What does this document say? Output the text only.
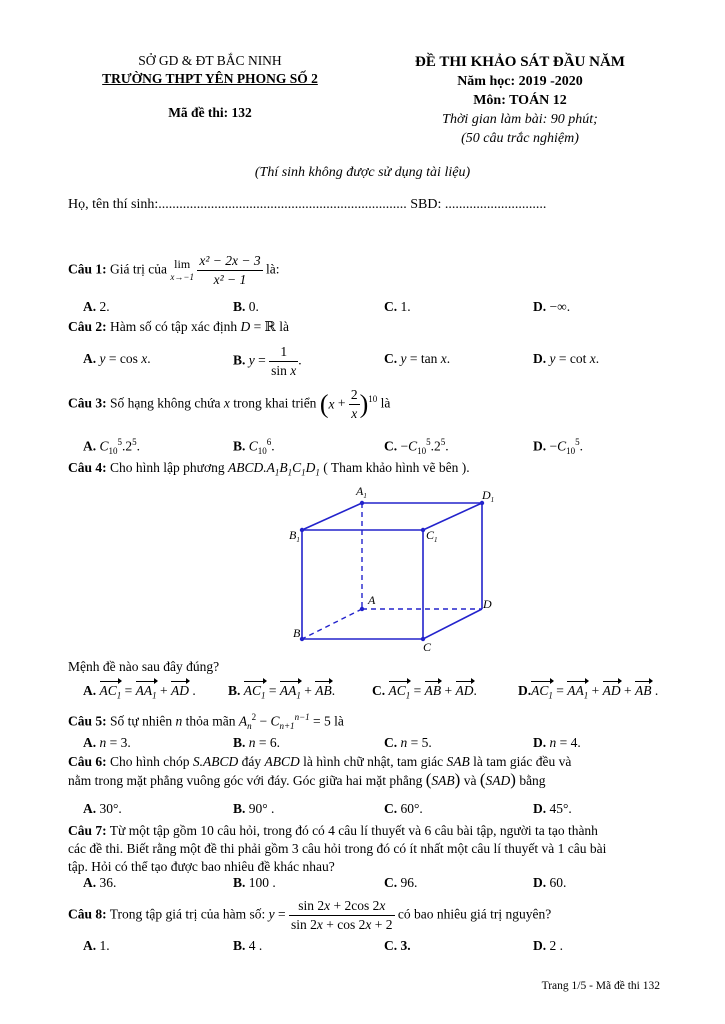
SỞ GD & ĐT BẮC NINH
TRƯỜNG THPT YÊN PHONG SỐ 2
Mã đề thi: 132
ĐỀ THI KHẢO SÁT ĐẦU NĂM
Năm học: 2019 -2020
Môn: TOÁN 12
Thời gian làm bài: 90 phút;
(50 câu trắc nghiệm)
(Thí sinh không được sử dụng tài liệu)
Họ, tên thí sinh:....................................................................... SBD: .............................
Câu 1: Giá trị của lim
$x\to-1 \frac{\text{x² − 2x − 3}}{\text{x² − 1}}$ là:
A. 2.	B. 0.	C. 1.	D. −∞.
Câu 2: Hàm số có tập xác định D = ℝ là
A. y = cos x.	B. $y = \frac{1}{\text{sin x}}$ .	C. y = tan x.	D. y = cot x.
Câu 3: Số hạng không chứa x trong khai triển $(x + \frac{2}{x} )^{10}$ là
A. $C_{10}^5.2^5$.	B. $C_{10}^6$.	C. $-C_{10}^5.2^5$.	D. $-C_{10}^5$.
Câu 4: Cho hình lập phương $ABCD.A_1B_1C_1D_1$ ( Tham khảo hình vẽ bên ).
$A_1$	$D_1$
$B_1$	$C_1$
A	D
B
C
Mệnh đề nào sau đây đúng?
A. $AC_1 = AA_1$ + AD . B. $AC_1 = AA_1$ + AB.	C. $AC_1$ = AB + AD.	$D.AC_1 = AA_1$ + AD + AB .
Câu 5: Số tự nhiên n thỏa mãn $A_n^2 - C_{n+1}^{n-1} = 5$ là
A. n = 3.	B. n = 6.	C. n = 5.	D. n = 4.
Câu 6: Cho hình chóp S.ABCD đáy ABCD là hình chữ nhật, tam giác SAB là tam giác đều và
nằm trong mặt phẳng vuông góc với đáy. Góc giữa hai mặt phẳng (SAB) và (SAD) bằng
A. 30°.	B. 90° .	C. 60°.	D. 45°.
Câu 7: Từ một tập gồm 10 câu hỏi, trong đó có 4 câu lí thuyết và 6 câu bài tập, người ta tạo thành
các đề thi. Biết rằng một đề thi phải gồm 3 câu hỏi trong đó có ít nhất một câu lí thuyết và 1 câu bài
tập. Hỏi có thể tạo được bao nhiêu đề khác nhau?
A. 36.	B. 100 .	C. 96.	D. 60.
Câu 8: Trong tập giá trị của hàm số: $y = \frac{\sin 2x + 2\cos 2x}{\sin 2x + \cos 2x + 2}$ có bao nhiêu giá trị nguyên?
A. 1.	B. 4 .	C. 3.	D. 2 .
Trang 1/5 - Mã đề thi 132
